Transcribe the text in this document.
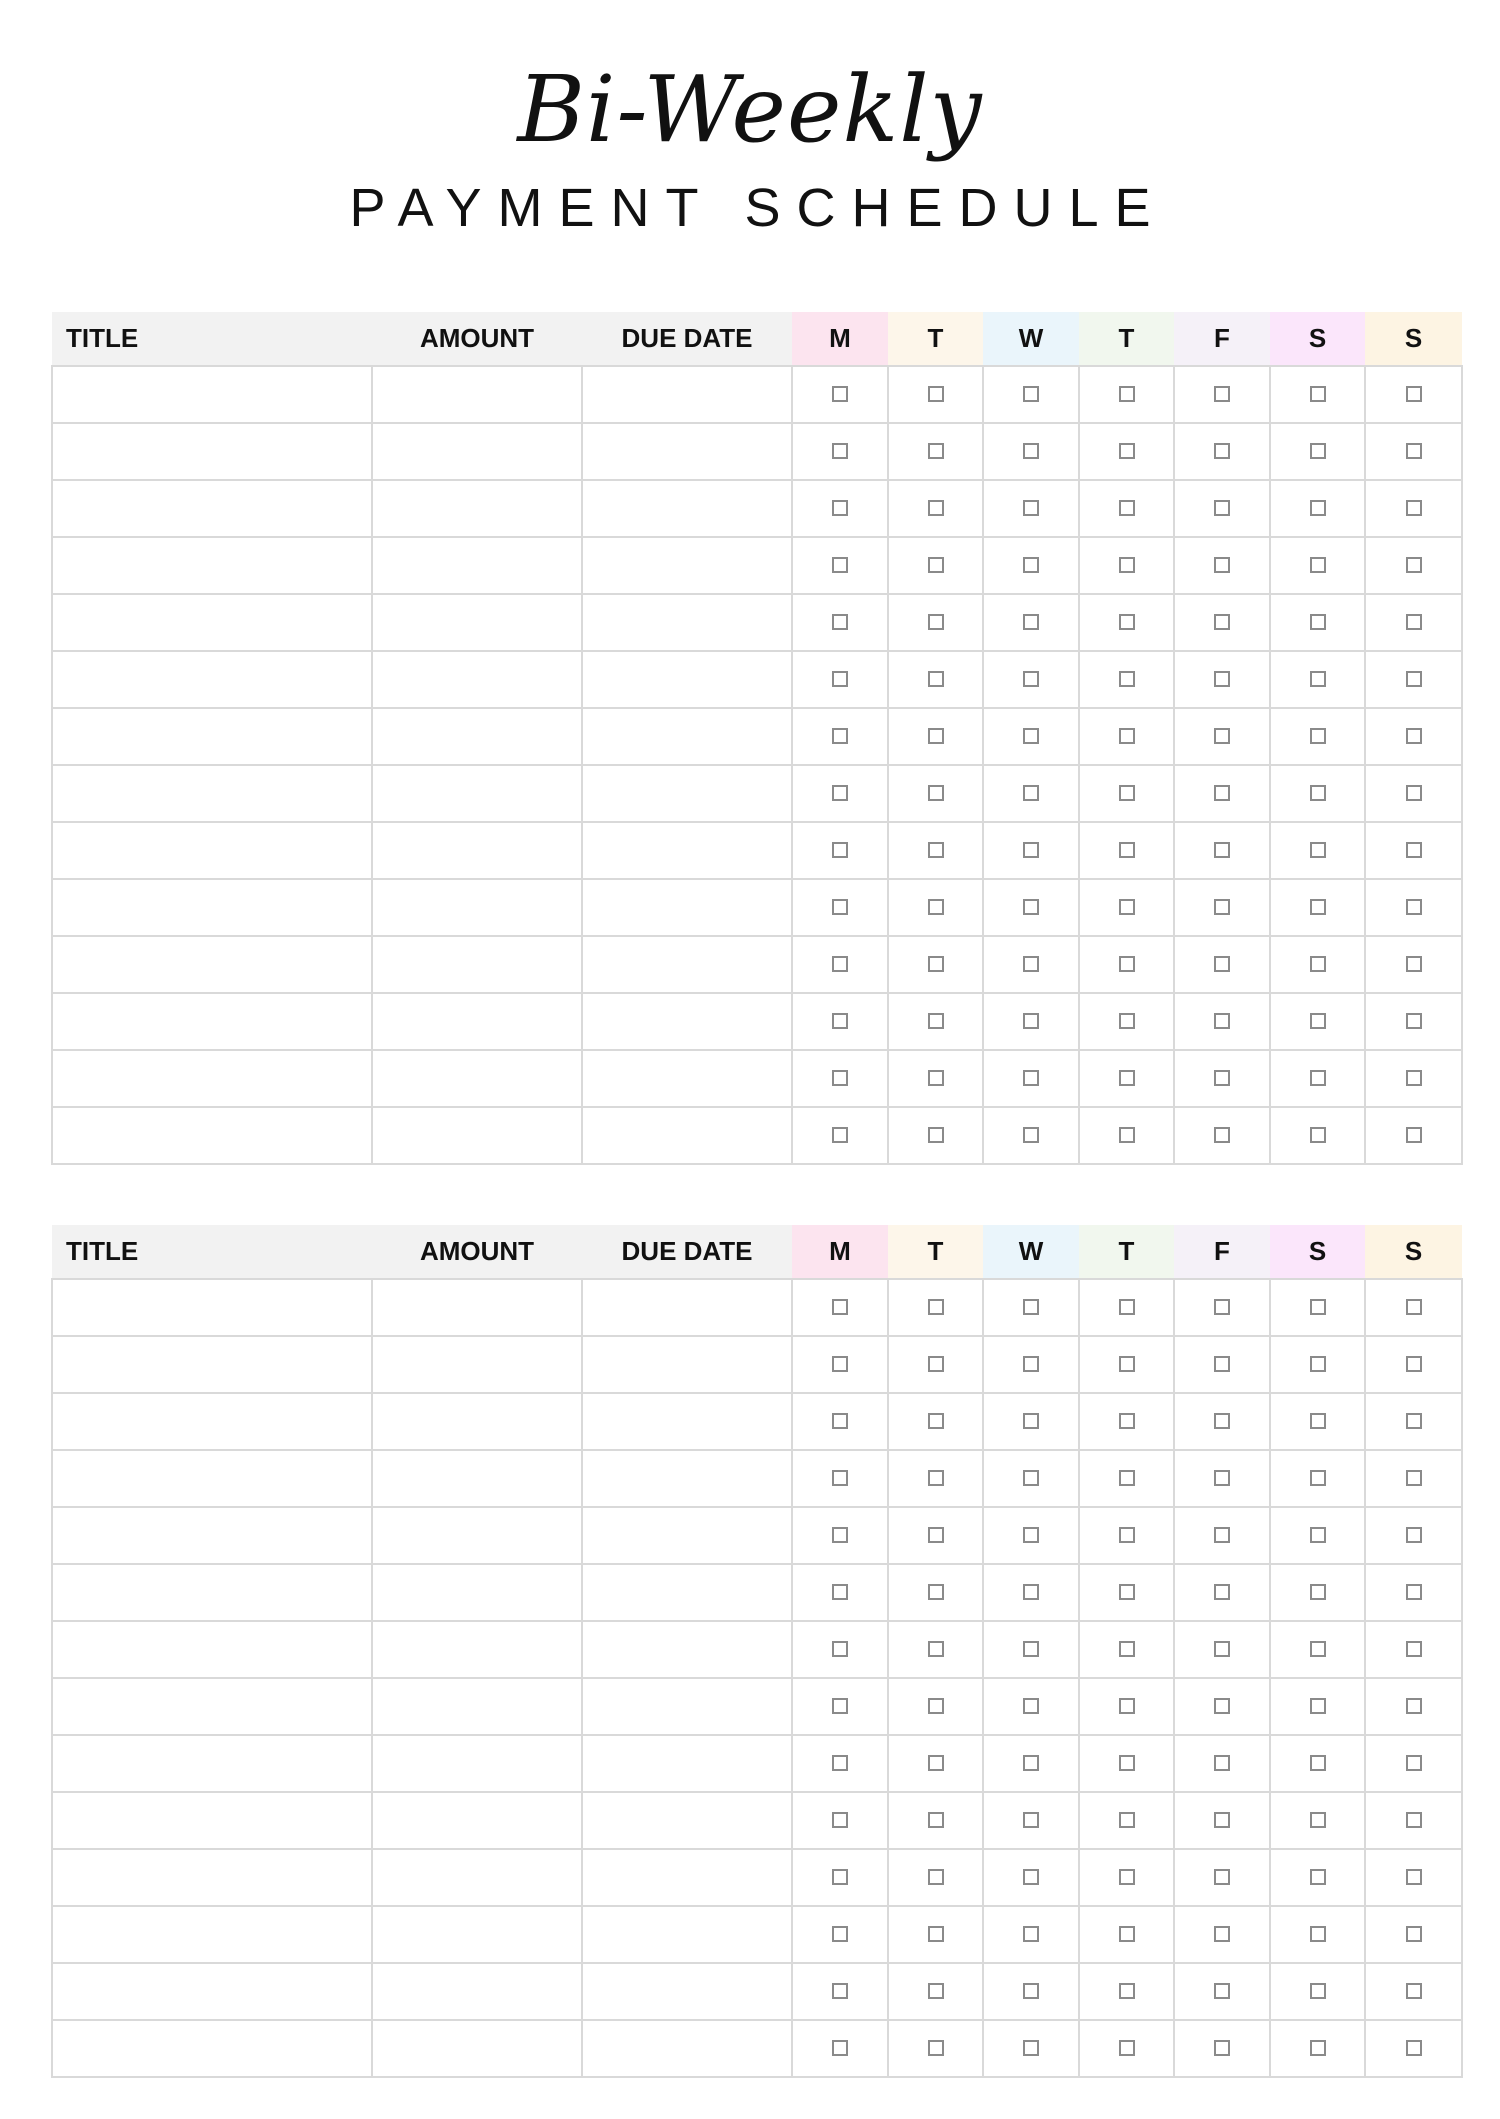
Bi-Weekly
PAYMENT SCHEDULE
TITLE	AMOUNT	DUE DATE	M	T	W	T	F	S	S

TITLE	AMOUNT	DUE DATE	M	T	W	T	F	S	S
